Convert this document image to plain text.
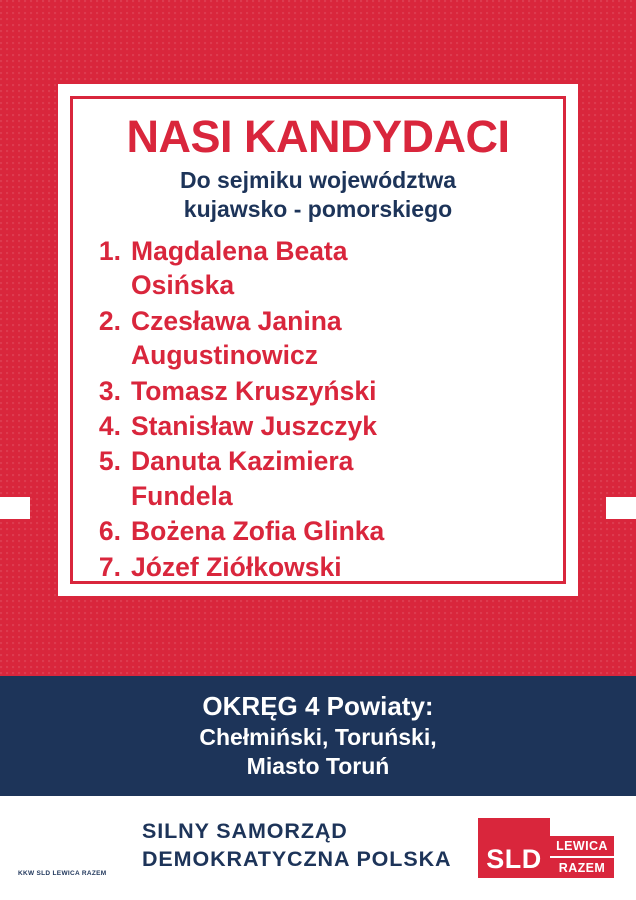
NASI KANDYDACI
Do sejmiku województwa
kujawsko - pomorskiego
1. Magdalena Beata
Osińska
2. Czesława Janina
Augustinowicz
3. Tomasz Kruszyński
4. Stanisław Juszczyk
5. Danuta Kazimiera
Fundela
6. Bożena Zofia Glinka
7. Józef Ziółkowski
OKRĘG 4 Powiaty:
Chełmiński, Toruński,
Miasto Toruń
SILNY SAMORZĄD
DEMOKRATYCZNA POLSKA
KKW SLD LEWICA RAZEM	SLD	LEWICA
RAZEM
